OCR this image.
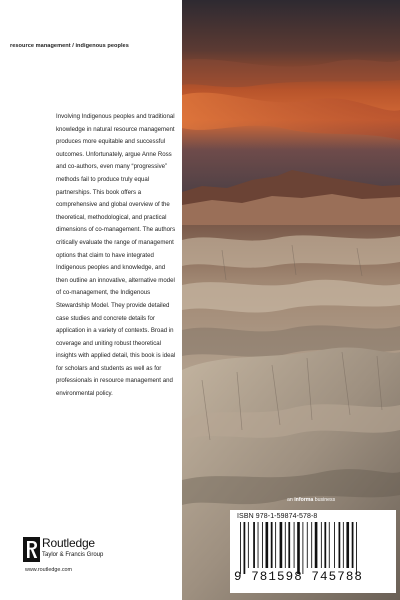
resource management / indigenous peoples

Involving Indigenous peoples and traditional knowledge in natural resource management produces more equitable and successful outcomes. Unfortunately, argue Anne Ross and co-authors, even many “progressive” methods fail to produce truly equal partnerships. This book offers a comprehensive and global overview of the theoretical, methodological, and practical dimensions of co-management. The authors critically evaluate the range of management options that claim to have integrated Indigenous peoples and knowledge, and then outline an innovative, alternative model of co-management, the Indigenous Stewardship Model. They provide detailed case studies and concrete details for application in a variety of contexts. Broad in coverage and uniting robust theoretical insights with applied detail, this book is ideal for scholars and students as well as for professionals in resource management and environmental policy.

Routledge
Taylor & Francis Group
www.routledge.com
an informa business
ISBN 978-1-59874-578-8
9 781598 745788
